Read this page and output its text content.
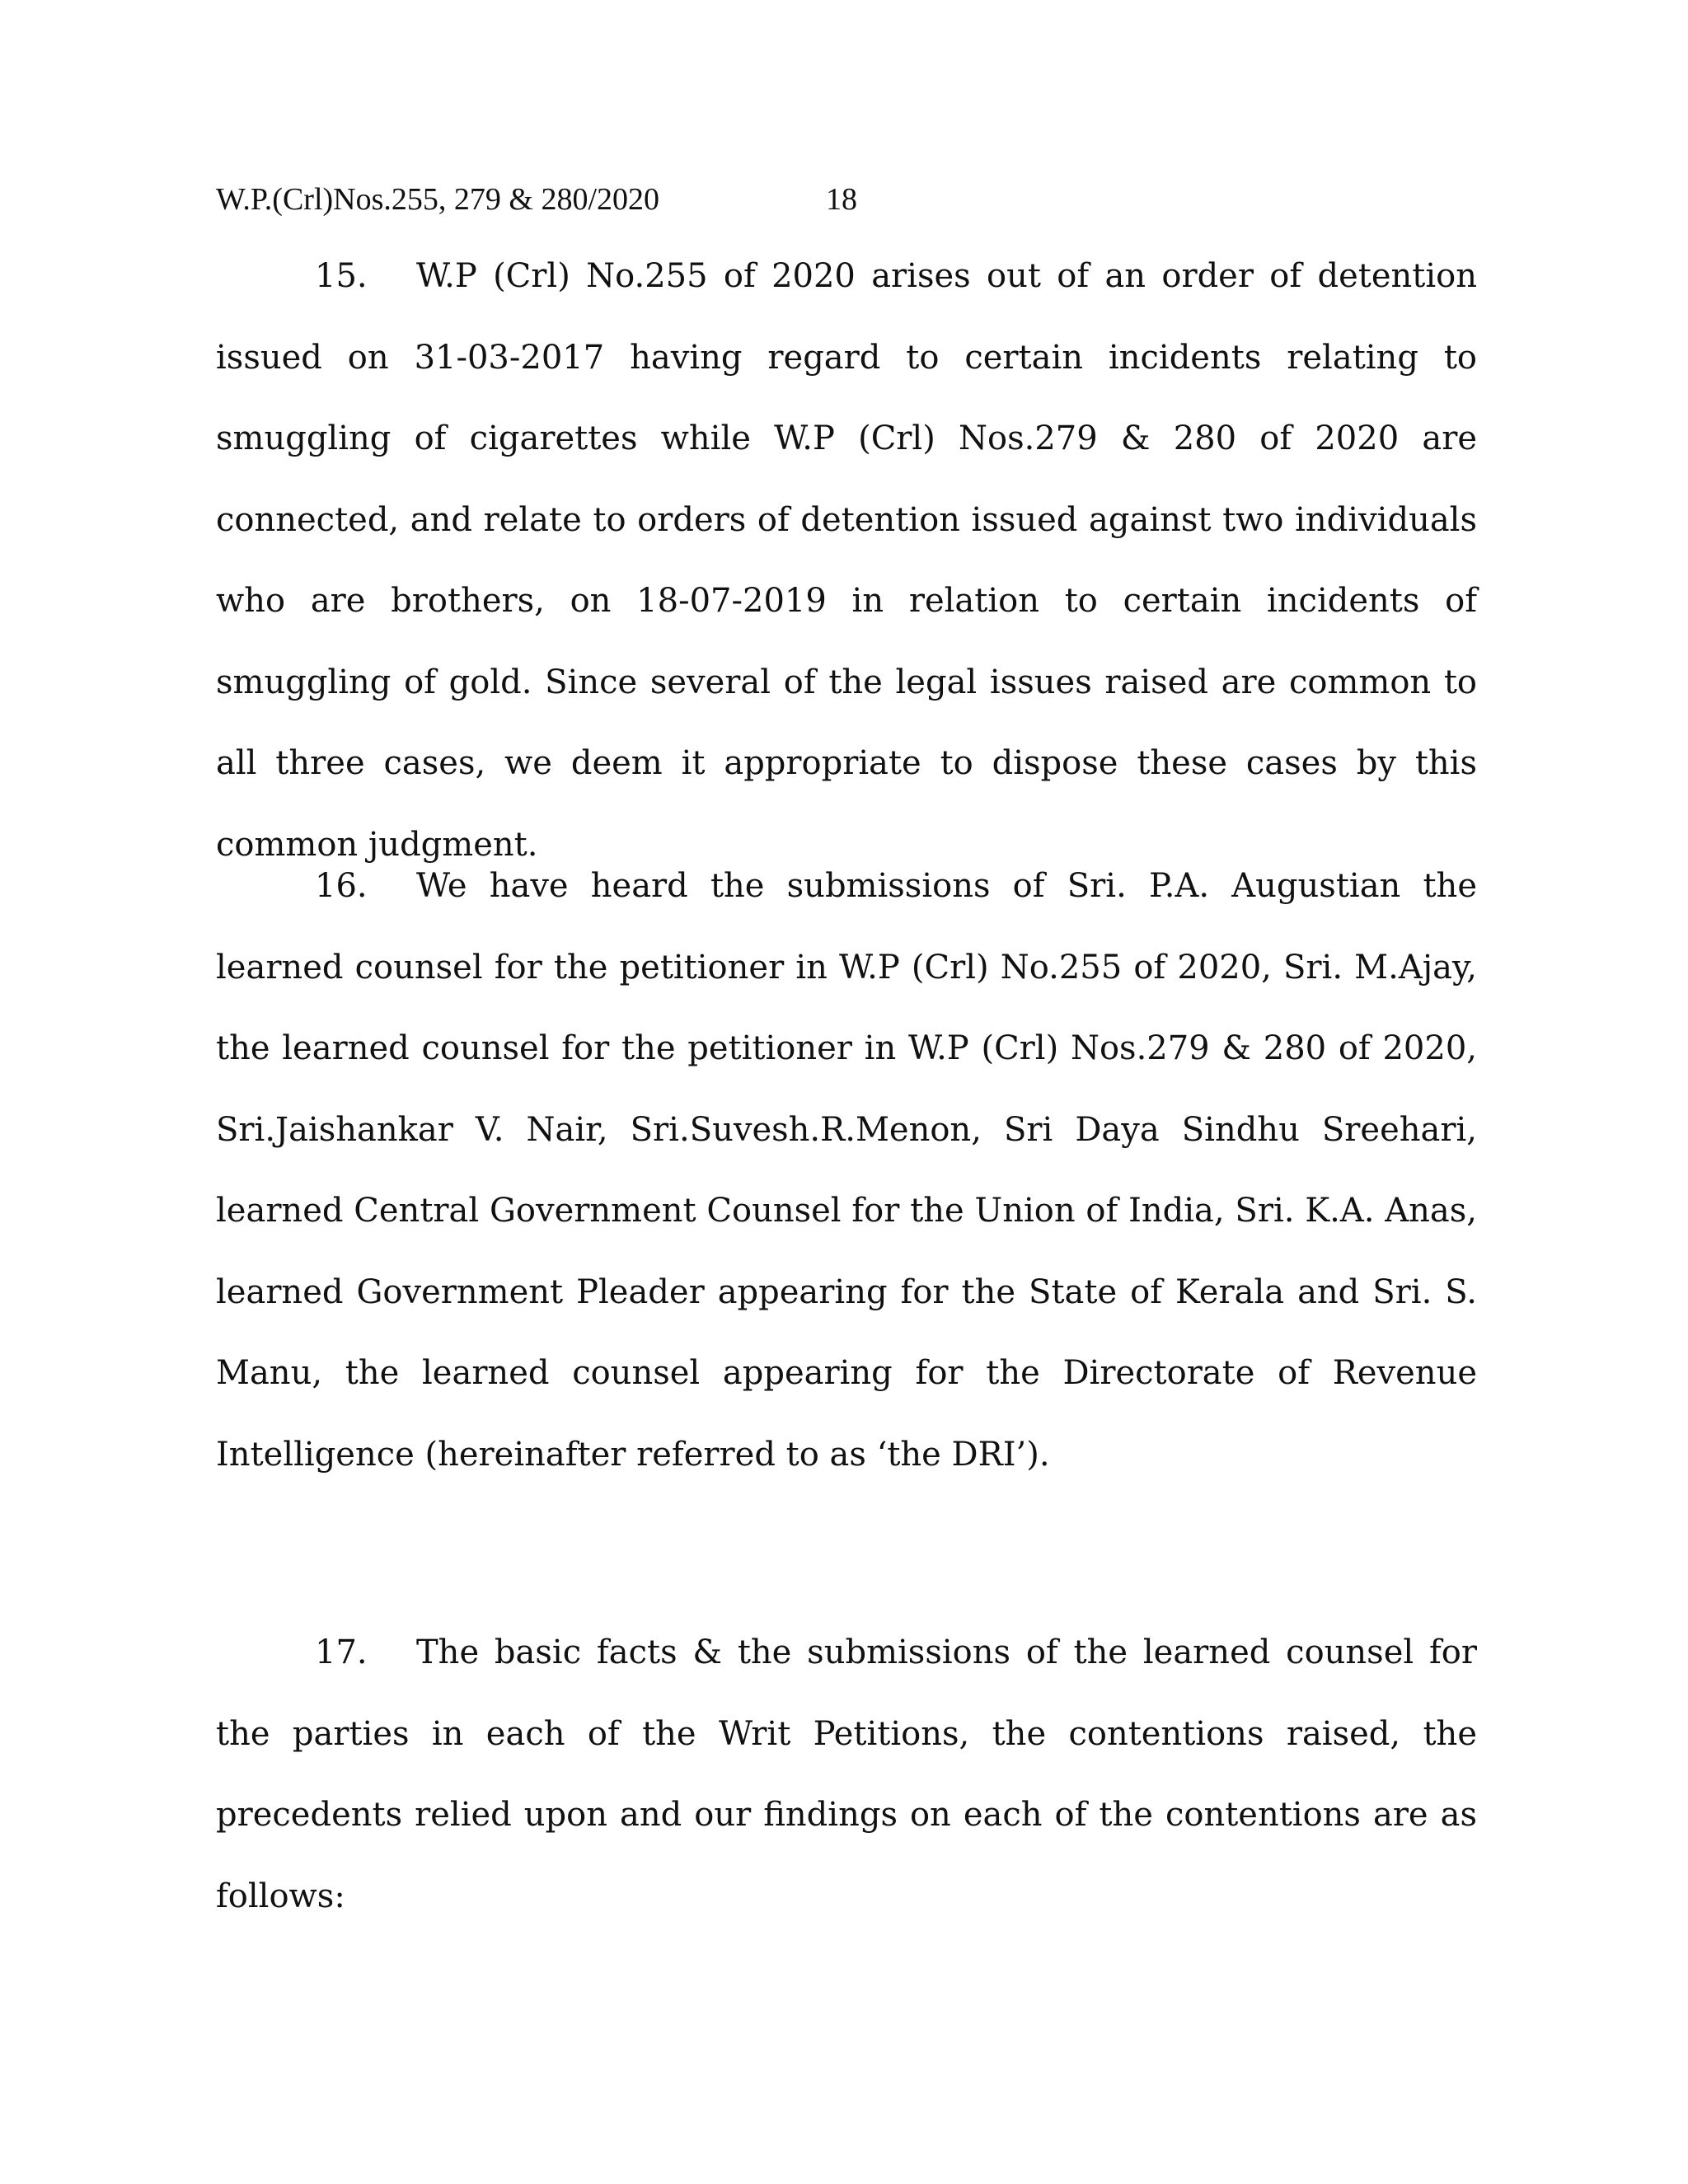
W.P.(Crl)Nos.255, 279 & 280/2020	18

15. W.P (Crl) No.255 of 2020 arises out of an order of detention issued on 31-03-2017 having regard to certain incidents relating to smuggling of cigarettes while W.P (Crl) Nos.279 & 280 of 2020 are connected, and relate to orders of detention issued against two individuals who are brothers, on 18-07-2019 in relation to certain incidents of smuggling of gold. Since several of the legal issues raised are common to all three cases, we deem it appropriate to dispose these cases by this common judgment.

16. We have heard the submissions of Sri. P.A. Augustian the learned counsel for the petitioner in W.P (Crl) No.255 of 2020, Sri. M.Ajay, the learned counsel for the petitioner in W.P (Crl) Nos.279 & 280 of 2020, Sri.Jaishankar V. Nair, Sri.Suvesh.R.Menon, Sri Daya Sindhu Sreehari, learned Central Government Counsel for the Union of India, Sri. K.A. Anas, learned Government Pleader appearing for the State of Kerala and Sri. S. Manu, the learned counsel appearing for the Directorate of Revenue Intelligence (hereinafter referred to as ‘the DRI’).

17. The basic facts & the submissions of the learned counsel for the parties in each of the Writ Petitions, the contentions raised, the precedents relied upon and our findings on each of the contentions are as follows:
